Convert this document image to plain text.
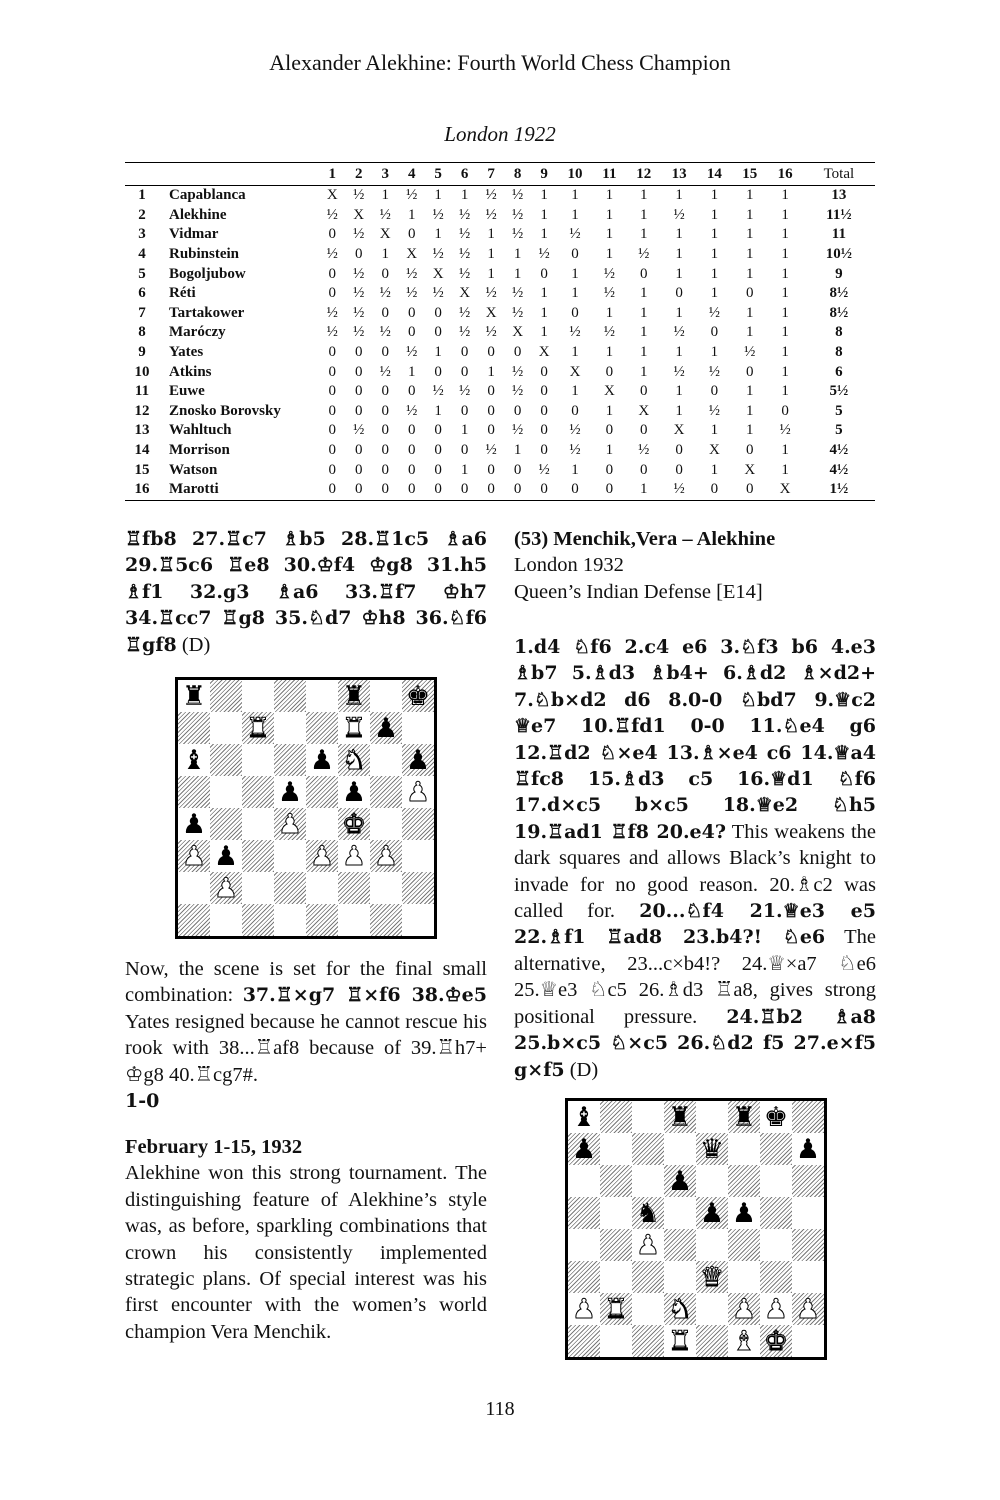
Alexander Alekhine: Fourth World Chess Champion
London 1922
		1	2	3	4	5	6	7	8	9	10	11	12	13	14	15	16	Total
1	Capablanca	X	½	1	½	1	1	½	½	1	1	1	1	1	1	1	1	13
2	Alekhine	½	X	½	1	½	½	½	½	1	1	1	1	½	1	1	1	11½
3	Vidmar	0	½	X	0	1	½	1	½	1	½	1	1	1	1	1	1	11
4	Rubinstein	½	0	1	X	½	½	1	1	½	0	1	½	1	1	1	1	10½
5	Bogoljubow	0	½	0	½	X	½	1	1	0	1	½	0	1	1	1	1	9
6	Réti	0	½	½	½	½	X	½	½	1	1	½	1	0	1	0	1	8½
7	Tartakower	½	½	0	0	0	½	X	½	1	0	1	1	1	½	1	1	8½
8	Maróczy	½	½	½	0	0	½	½	X	1	½	½	1	½	0	1	1	8
9	Yates	0	0	0	½	1	0	0	0	X	1	1	1	1	1	½	1	8
10	Atkins	0	0	½	1	0	0	1	½	0	X	0	1	½	½	0	1	6
11	Euwe	0	0	0	0	½	½	0	½	0	1	X	0	1	0	1	1	5½
12	Znosko Borovsky	0	0	0	½	1	0	0	0	0	0	1	X	1	½	1	0	5
13	Wahltuch	0	½	0	0	0	1	0	½	0	½	0	0	X	1	1	½	5
14	Morrison	0	0	0	0	0	0	½	1	0	½	1	½	0	X	0	1	4½
15	Watson	0	0	0	0	0	1	0	0	½	1	0	0	0	1	X	1	4½
16	Marotti	0	0	0	0	0	0	0	0	0	0	0	1	½	0	0	X	1½
♖fb8 27.♖c7 ♗b5 28.♖1c5 ♗a6 29.♖5c6 ♖e8 30.♔f4 ♔g8 31.h5 ♗f1 32.g3 ♗a6 33.♖f7 ♔h7 34.♖cc7 ♖g8 35.♘d7 ♔h8 36.♘f6 ♖gf8 (D)
♜	♜ ♚
♜	♜ ♟
♝	♟ ♞ ♟
♟ ♟ ♟
♟	♟ ♚
♟ ♟	♟ ♟ ♟
♟
Now, the scene is set for the final small combination: 37.♖×g7 ♖×f6 38.♔e5 Yates resigned because he cannot rescue his rook with 38...♖af8 because of 39.♖h7+ ♔g8 40.♖cg7#.
1-0

February 1-15, 1932

Alekhine won this strong tournament. The distinguishing feature of Alekhine’s style was, as before, sparkling combinations that crown his consistently implemented strategic plans. Of special interest was his first encounter with the women’s world champion Vera Menchik.

(53) Menchik,Vera – Alekhine

London 1932

Queen’s Indian Defense [E14]

1.d4 ♘f6 2.c4 e6 3.♘f3 b6 4.e3 ♗b7 5.♗d3 ♗b4+ 6.♗d2 ♗×d2+ 7.♘b×d2 d6 8.0-0 ♘bd7 9.♕c2 ♕e7 10.♖fd1 0-0 11.♘e4 g6 12.♖d2 ♘×e4 13.♗×e4 c6 14.♕a4 ♖fc8 15.♗d3 c5 16.♕d1 ♘f6 17.d×c5 b×c5 18.♕e2 ♘h5 19.♖ad1 ♖f8 20.e4? This weakens the dark squares and allows Black’s knight to invade for no good reason. 20.♗c2 was called for. 20...♘f4 21.♕e3 e5 22.♗f1 ♖ad8 23.b4?! ♘e6 The alternative, 23...c×b4!? 24.♕×a7 ♘e6 25.♕e3 ♘c5 26.♗d3 ♖a8, gives strong positional pressure. 24.♖b2 ♗a8 25.b×c5 ♘×c5 26.♘d2 f5 27.e×f5 g×f5 (D)
♝	♜ ♜ ♚
♟	♛	♟
♟
♞ ♟ ♟
♟
♛
♟ ♜ ♞ ♟ ♟ ♟
♜ ♝ ♚
118
